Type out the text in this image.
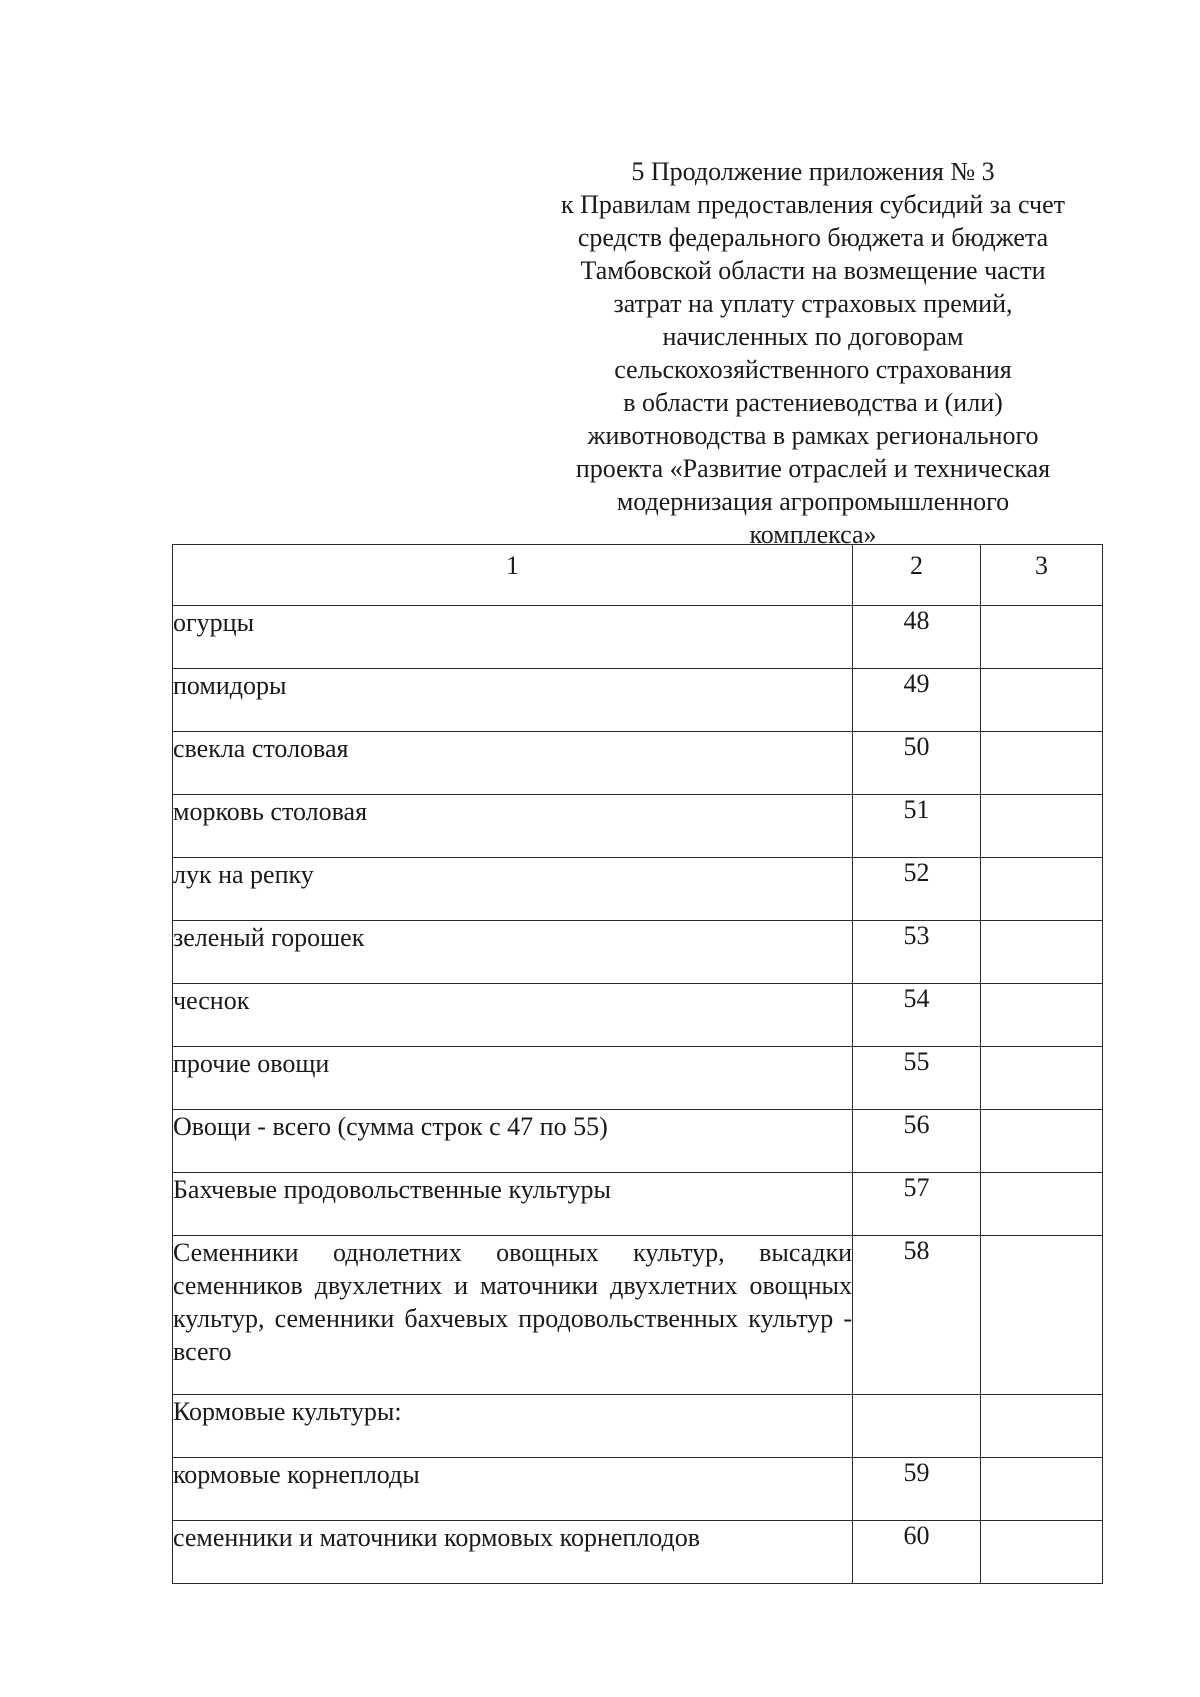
5 Продолжение приложения № 3
к Правилам предоставления субсидий за счет
средств федерального бюджета и бюджета
Тамбовской области на возмещение части
затрат на уплату страховых премий,
начисленных по договорам
сельскохозяйственного страхования
в области растениеводства и (или)
животноводства в рамках регионального
проекта «Развитие отраслей и техническая
модернизация агропромышленного
комплекса»
1	2	3

огурцы	48	
помидоры	49	
свекла столовая	50	
морковь столовая	51	
лук на репку	52	
зеленый горошек	53	
чеснок	54	
прочие овощи	55	
Овощи - всего (сумма строк с 47 по 55)	56	
Бахчевые продовольственные культуры	57	
Семенники однолетних овощных культур, высадки семенников двухлетних и маточники двухлетних овощных культур, семенники бахчевых продовольственных культур - всего	58	
Кормовые культуры:		
кормовые корнеплоды	59	
семенники и маточники кормовых корнеплодов	60	
